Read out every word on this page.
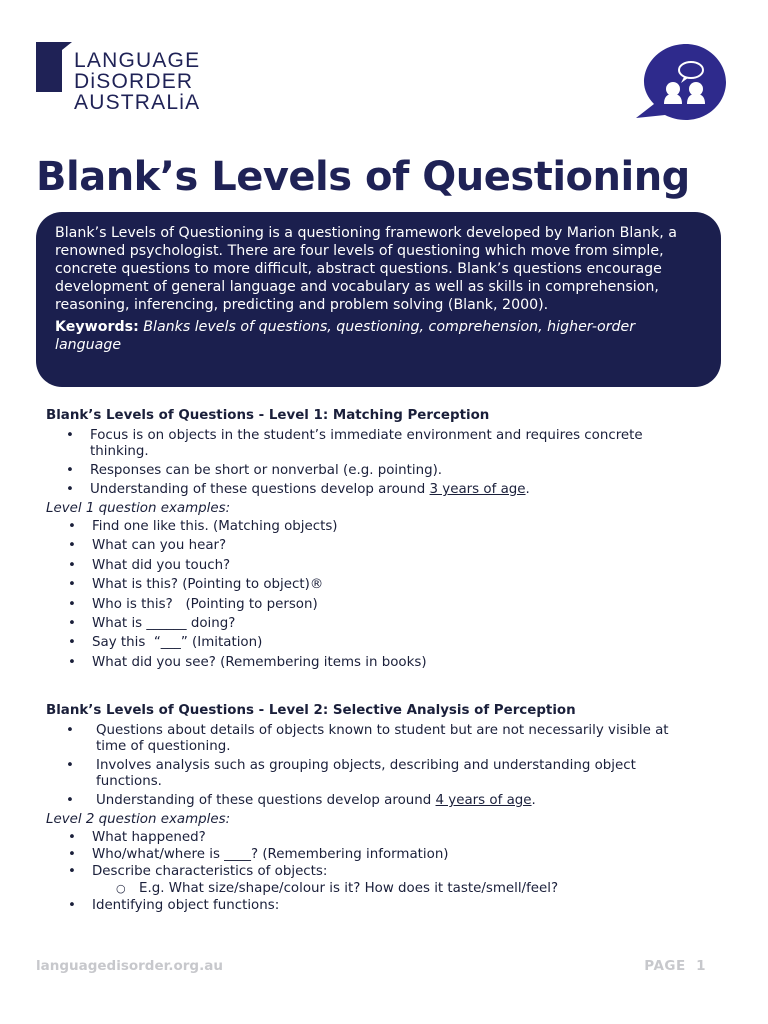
LANGUAGE
DiSORDER
AUSTRALiA
Blank’s Levels of Questioning

Blank’s Levels of Questioning is a questioning framework developed by Marion Blank, a renowned psychologist. There are four levels of questioning which move from simple, concrete questions to more difficult, abstract questions. Blank’s questions encourage development of general language and vocabulary as well as skills in comprehension, reasoning, inferencing, predicting and problem solving (Blank, 2000).

Keywords: Blanks levels of questions, questioning, comprehension, higher-order language

Blank’s Levels of Questions - Level 1: Matching Perception
• Focus is on objects in the student’s immediate environment and requires concrete thinking.
• Responses can be short or nonverbal (e.g. pointing).
• Understanding of these questions develop around 3 years of age.
Level 1 question examples:
• Find one like this. (Matching objects)
• What can you hear?
• What did you touch?
• What is this? (Pointing to object)®
• Who is this?   (Pointing to person)
• What is ______ doing?
• Say this  “___” (Imitation)
• What did you see? (Remembering items in books)
Blank’s Levels of Questions - Level 2: Selective Analysis of Perception
• Questions about details of objects known to student but are not necessarily visible at time of questioning.
• Involves analysis such as grouping objects, describing and understanding object functions.
• Understanding of these questions develop around 4 years of age.
Level 2 question examples:
• What happened?
• Who/what/where is ____? (Remembering information)
• Describe characteristics of objects:
○ E.g. What size/shape/colour is it? How does it taste/smell/feel?
• Identifying object functions:
languagedisorder.org.au	PAGE  1
